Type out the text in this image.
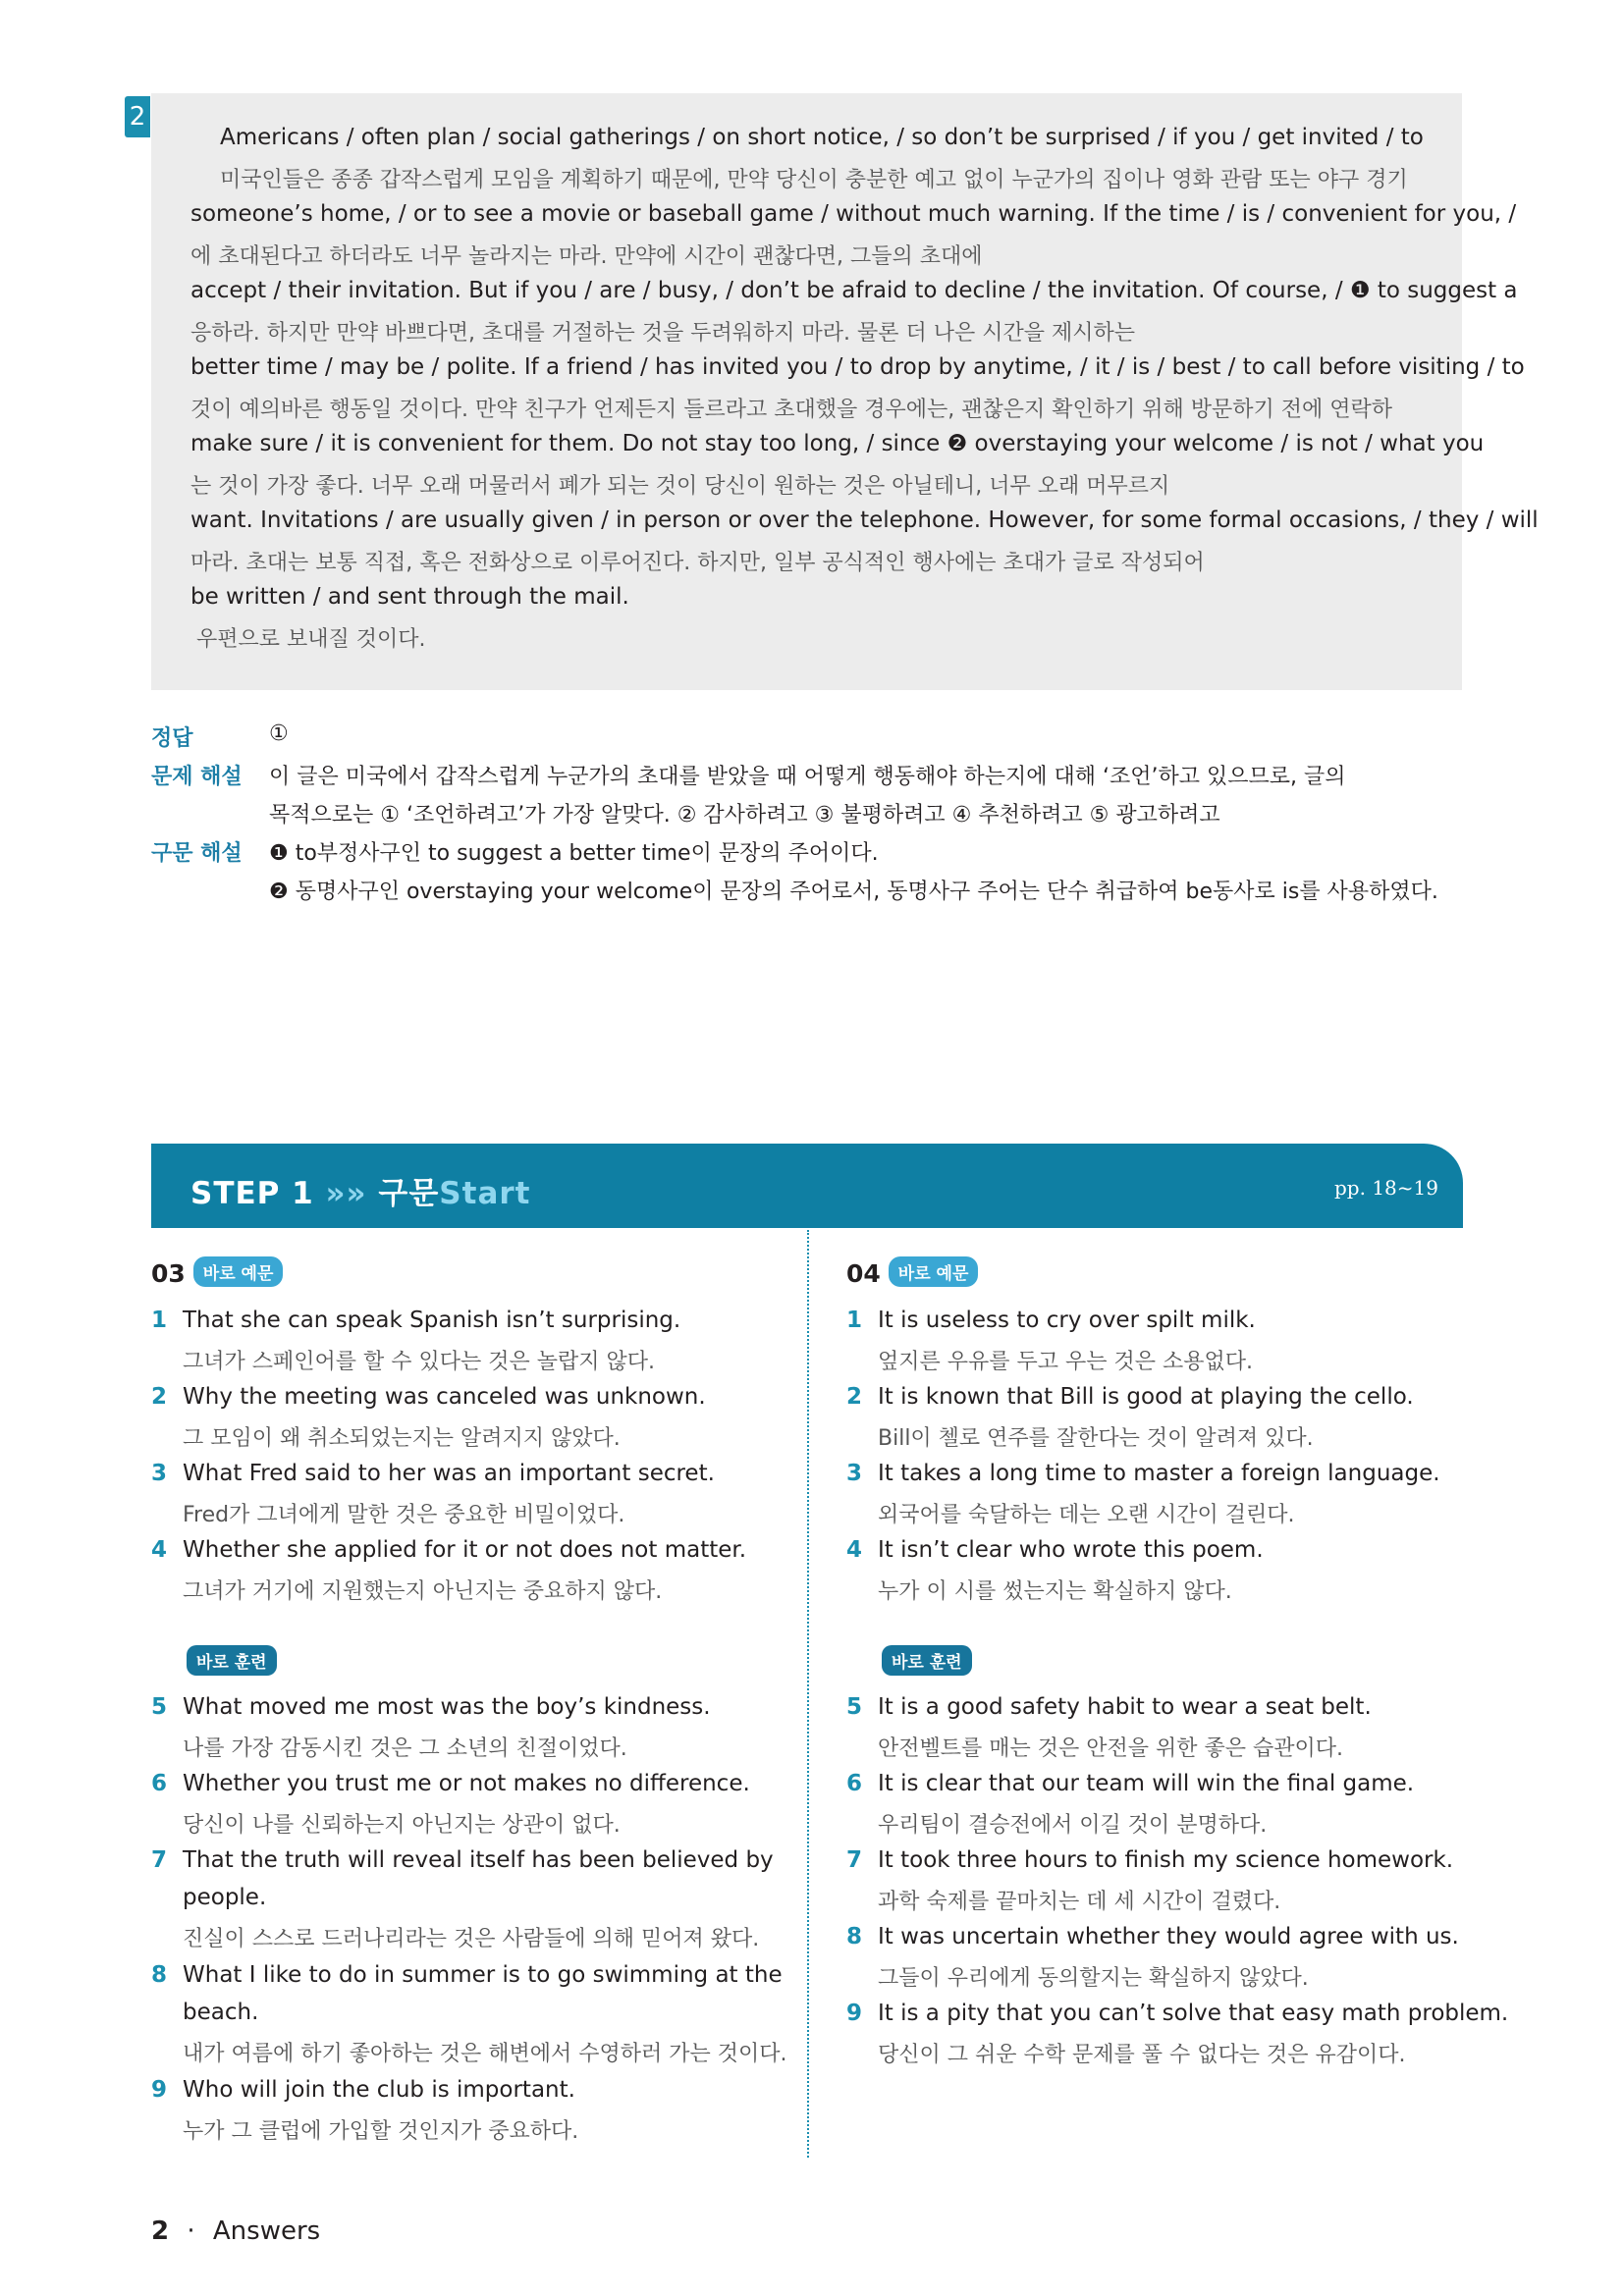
2
Americans / often plan / social gatherings / on short notice, / so don’t be surprised / if you / get invited / to
미국인들은 종종 갑작스럽게 모임을 계획하기 때문에, 만약 당신이 충분한 예고 없이 누군가의 집이나 영화 관람 또는 야구 경기
someone’s home, / or to see a movie or baseball game / without much warning. If the time / is / convenient for you, /
에 초대된다고 하더라도 너무 놀라지는 마라. 만약에 시간이 괜찮다면, 그들의 초대에
accept / their invitation. But if you / are / busy, / don’t be afraid to decline / the invitation. Of course, / ❶ to suggest a
응하라. 하지만 만약 바쁘다면, 초대를 거절하는 것을 두려워하지 마라. 물론 더 나은 시간을 제시하는
better time / may be / polite. If a friend / has invited you / to drop by anytime, / it / is / best / to call before visiting / to
것이 예의바른 행동일 것이다. 만약 친구가 언제든지 들르라고 초대했을 경우에는, 괜찮은지 확인하기 위해 방문하기 전에 연락하
make sure / it is convenient for them. Do not stay too long, / since ❷ overstaying your welcome / is not / what you
는 것이 가장 좋다. 너무 오래 머물러서 폐가 되는 것이 당신이 원하는 것은 아닐테니, 너무 오래 머무르지
want. Invitations / are usually given / in person or over the telephone. However, for some formal occasions, / they / will
마라. 초대는 보통 직접, 혹은 전화상으로 이루어진다. 하지만, 일부 공식적인 행사에는 초대가 글로 작성되어
be written / and sent through the mail.
우편으로 보내질 것이다.
정답	①
문제 해설 이 글은 미국에서 갑작스럽게 누군가의 초대를 받았을 때 어떻게 행동해야 하는지에 대해 ‘조언’하고 있으므로, 글의
목적으로는 ① ‘조언하려고’가 가장 알맞다. ② 감사하려고 ③ 불평하려고 ④ 추천하려고 ⑤ 광고하려고
구문 해설 ❶ to부정사구인 to suggest a better time이 문장의 주어이다.
❷ 동명사구인 overstaying your welcome이 문장의 주어로서, 동명사구 주어는 단수 취급하여 be동사로 is를 사용하였다.
STEP 1 »» 구문Start	pp. 18~19
03 바로 예문
1 That she can speak Spanish isn’t surprising.
그녀가 스페인어를 할 수 있다는 것은 놀랍지 않다.
2 Why the meeting was canceled was unknown.
그 모임이 왜 취소되었는지는 알려지지 않았다.
3 What Fred said to her was an important secret.
Fred가 그녀에게 말한 것은 중요한 비밀이었다.
4 Whether she applied for it or not does not matter.
그녀가 거기에 지원했는지 아닌지는 중요하지 않다.
바로 훈련
5 What moved me most was the boy’s kindness.
나를 가장 감동시킨 것은 그 소년의 친절이었다.
6 Whether you trust me or not makes no difference.
당신이 나를 신뢰하는지 아닌지는 상관이 없다.
7 That the truth will reveal itself has been believed by
people.
진실이 스스로 드러나리라는 것은 사람들에 의해 믿어져 왔다.
8 What I like to do in summer is to go swimming at the
beach.
내가 여름에 하기 좋아하는 것은 해변에서 수영하러 가는 것이다.
9 Who will join the club is important.
누가 그 클럽에 가입할 것인지가 중요하다.
04 바로 예문
1 It is useless to cry over spilt milk.
엎지른 우유를 두고 우는 것은 소용없다.
2 It is known that Bill is good at playing the cello.
Bill이 첼로 연주를 잘한다는 것이 알려져 있다.
3 It takes a long time to master a foreign language.
외국어를 숙달하는 데는 오랜 시간이 걸린다.
4 It isn’t clear who wrote this poem.
누가 이 시를 썼는지는 확실하지 않다.
바로 훈련
5 It is a good safety habit to wear a seat belt.
안전벨트를 매는 것은 안전을 위한 좋은 습관이다.
6 It is clear that our team will win the final game.
우리팀이 결승전에서 이길 것이 분명하다.
7 It took three hours to finish my science homework.
과학 숙제를 끝마치는 데 세 시간이 걸렸다.
8 It was uncertain whether they would agree with us.
그들이 우리에게 동의할지는 확실하지 않았다.
9 It is a pity that you can’t solve that easy math problem.
당신이 그 쉬운 수학 문제를 풀 수 없다는 것은 유감이다.
2 · Answers
